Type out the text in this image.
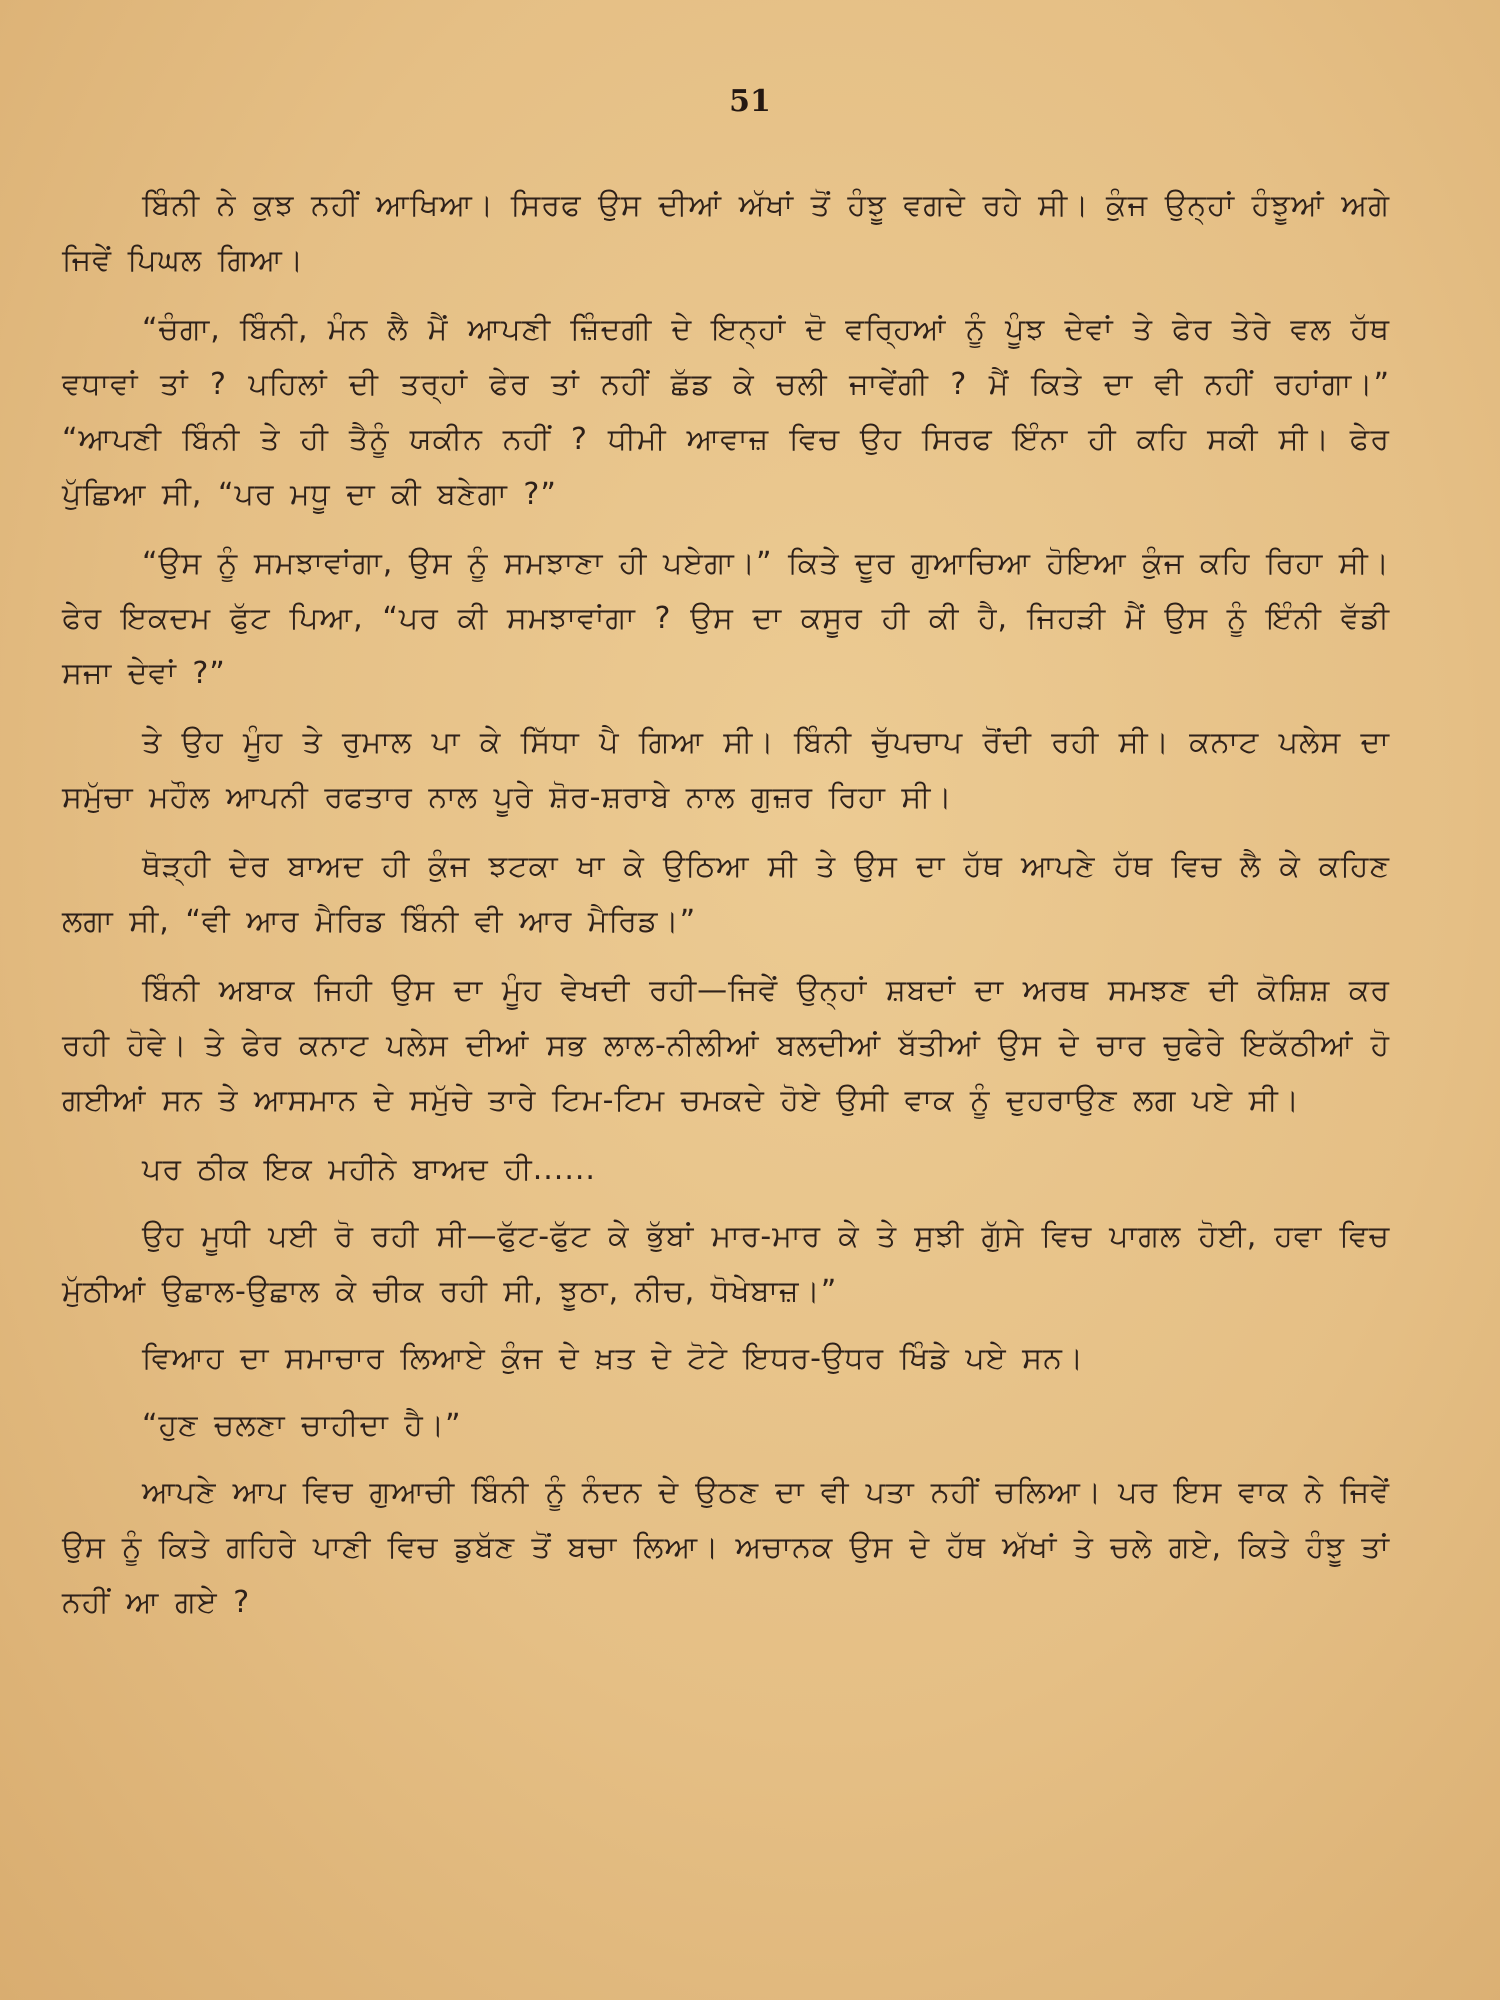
51

ਬਿੰਨੀ ਨੇ ਕੁਝ ਨਹੀਂ ਆਖਿਆ। ਸਿਰਫ ਉਸ ਦੀਆਂ ਅੱਖਾਂ ਤੋਂ ਹੰਝੂ ਵਗਦੇ ਰਹੇ ਸੀ। ਕੁੰਜ ਉਨ੍ਹਾਂ ਹੰਝੂਆਂ ਅਗੇ ਜਿਵੇਂ ਪਿਘਲ ਗਿਆ।

“ਚੰਗਾ, ਬਿੰਨੀ, ਮੰਨ ਲੈ ਮੈਂ ਆਪਣੀ ਜ਼ਿੰਦਗੀ ਦੇ ਇਨ੍ਹਾਂ ਦੋ ਵਰ੍ਹਿਆਂ ਨੂੰ ਪੂੰਝ ਦੇਵਾਂ ਤੇ ਫੇਰ ਤੇਰੇ ਵਲ ਹੱਥ ਵਧਾਵਾਂ ਤਾਂ ? ਪਹਿਲਾਂ ਦੀ ਤਰ੍ਹਾਂ ਫੇਰ ਤਾਂ ਨਹੀਂ ਛੱਡ ਕੇ ਚਲੀ ਜਾਵੇਂਗੀ ? ਮੈਂ ਕਿਤੇ ਦਾ ਵੀ ਨਹੀਂ ਰਹਾਂਗਾ।” “ਆਪਣੀ ਬਿੰਨੀ ਤੇ ਹੀ ਤੈਨੂੰ ਯਕੀਨ ਨਹੀਂ ? ਧੀਮੀ ਆਵਾਜ਼ ਵਿਚ ਉਹ ਸਿਰਫ ਇੰਨਾ ਹੀ ਕਹਿ ਸਕੀ ਸੀ। ਫੇਰ ਪੁੱਛਿਆ ਸੀ, “ਪਰ ਮਧੂ ਦਾ ਕੀ ਬਣੇਗਾ ?”

“ਉਸ ਨੂੰ ਸਮਝਾਵਾਂਗਾ, ਉਸ ਨੂੰ ਸਮਝਾਣਾ ਹੀ ਪਏਗਾ।” ਕਿਤੇ ਦੂਰ ਗੁਆਚਿਆ ਹੋਇਆ ਕੁੰਜ ਕਹਿ ਰਿਹਾ ਸੀ। ਫੇਰ ਇਕਦਮ ਫੁੱਟ ਪਿਆ, “ਪਰ ਕੀ ਸਮਝਾਵਾਂਗਾ ? ਉਸ ਦਾ ਕਸੂਰ ਹੀ ਕੀ ਹੈ, ਜਿਹੜੀ ਮੈਂ ਉਸ ਨੂੰ ਇੰਨੀ ਵੱਡੀ ਸਜਾ ਦੇਵਾਂ ?”

ਤੇ ਉਹ ਮੂੰਹ ਤੇ ਰੁਮਾਲ ਪਾ ਕੇ ਸਿੱਧਾ ਪੈ ਗਿਆ ਸੀ। ਬਿੰਨੀ ਚੁੱਪਚਾਪ ਰੋਂਦੀ ਰਹੀ ਸੀ। ਕਨਾਟ ਪਲੇਸ ਦਾ ਸਮੁੱਚਾ ਮਹੌਲ ਆਪਨੀ ਰਫਤਾਰ ਨਾਲ ਪੂਰੇ ਸ਼ੋਰ-ਸ਼ਰਾਬੇ ਨਾਲ ਗੁਜ਼ਰ ਰਿਹਾ ਸੀ।

ਥੋੜ੍ਹੀ ਦੇਰ ਬਾਅਦ ਹੀ ਕੁੰਜ ਝਟਕਾ ਖਾ ਕੇ ਉਠਿਆ ਸੀ ਤੇ ਉਸ ਦਾ ਹੱਥ ਆਪਣੇ ਹੱਥ ਵਿਚ ਲੈ ਕੇ ਕਹਿਣ ਲਗਾ ਸੀ, “ਵੀ ਆਰ ਮੈਰਿਡ ਬਿੰਨੀ ਵੀ ਆਰ ਮੈਰਿਡ।”

ਬਿੰਨੀ ਅਬਾਕ ਜਿਹੀ ਉਸ ਦਾ ਮੂੰਹ ਵੇਖਦੀ ਰਹੀ—ਜਿਵੇਂ ਉਨ੍ਹਾਂ ਸ਼ਬਦਾਂ ਦਾ ਅਰਥ ਸਮਝਣ ਦੀ ਕੋਸ਼ਿਸ਼ ਕਰ ਰਹੀ ਹੋਵੇ। ਤੇ ਫੇਰ ਕਨਾਟ ਪਲੇਸ ਦੀਆਂ ਸਭ ਲਾਲ-ਨੀਲੀਆਂ ਬਲਦੀਆਂ ਬੱਤੀਆਂ ਉਸ ਦੇ ਚਾਰ ਚੁਫੇਰੇ ਇਕੱਠੀਆਂ ਹੋ ਗਈਆਂ ਸਨ ਤੇ ਆਸਮਾਨ ਦੇ ਸਮੁੱਚੇ ਤਾਰੇ ਟਿਮ-ਟਿਮ ਚਮਕਦੇ ਹੋਏ ਉਸੀ ਵਾਕ ਨੂੰ ਦੁਹਰਾਉਣ ਲਗ ਪਏ ਸੀ।

ਪਰ ਠੀਕ ਇਕ ਮਹੀਨੇ ਬਾਅਦ ਹੀ......

ਉਹ ਮੂਧੀ ਪਈ ਰੋ ਰਹੀ ਸੀ—ਫੁੱਟ-ਫੁੱਟ ਕੇ ਭੁੱਬਾਂ ਮਾਰ-ਮਾਰ ਕੇ ਤੇ ਸੁਝੀ ਗੁੱਸੇ ਵਿਚ ਪਾਗਲ ਹੋਈ, ਹਵਾ ਵਿਚ ਮੁੱਠੀਆਂ ਉਛਾਲ-ਉਛਾਲ ਕੇ ਚੀਕ ਰਹੀ ਸੀ, ਝੂਠਾ, ਨੀਚ, ਧੋਖੇਬਾਜ਼।”

ਵਿਆਹ ਦਾ ਸਮਾਚਾਰ ਲਿਆਏ ਕੁੰਜ ਦੇ ਖ਼ਤ ਦੇ ਟੋਟੇ ਇਧਰ-ਉਧਰ ਖਿੰਡੇ ਪਏ ਸਨ।

“ਹੁਣ ਚਲਣਾ ਚਾਹੀਦਾ ਹੈ।”

ਆਪਣੇ ਆਪ ਵਿਚ ਗੁਆਚੀ ਬਿੰਨੀ ਨੂੰ ਨੰਦਨ ਦੇ ਉਠਣ ਦਾ ਵੀ ਪਤਾ ਨਹੀਂ ਚਲਿਆ। ਪਰ ਇਸ ਵਾਕ ਨੇ ਜਿਵੇਂ ਉਸ ਨੂੰ ਕਿਤੇ ਗਹਿਰੇ ਪਾਣੀ ਵਿਚ ਡੁਬੱਣ ਤੋਂ ਬਚਾ ਲਿਆ। ਅਚਾਨਕ ਉਸ ਦੇ ਹੱਥ ਅੱਖਾਂ ਤੇ ਚਲੇ ਗਏ, ਕਿਤੇ ਹੰਝੂ ਤਾਂ ਨਹੀਂ ਆ ਗਏ ?
